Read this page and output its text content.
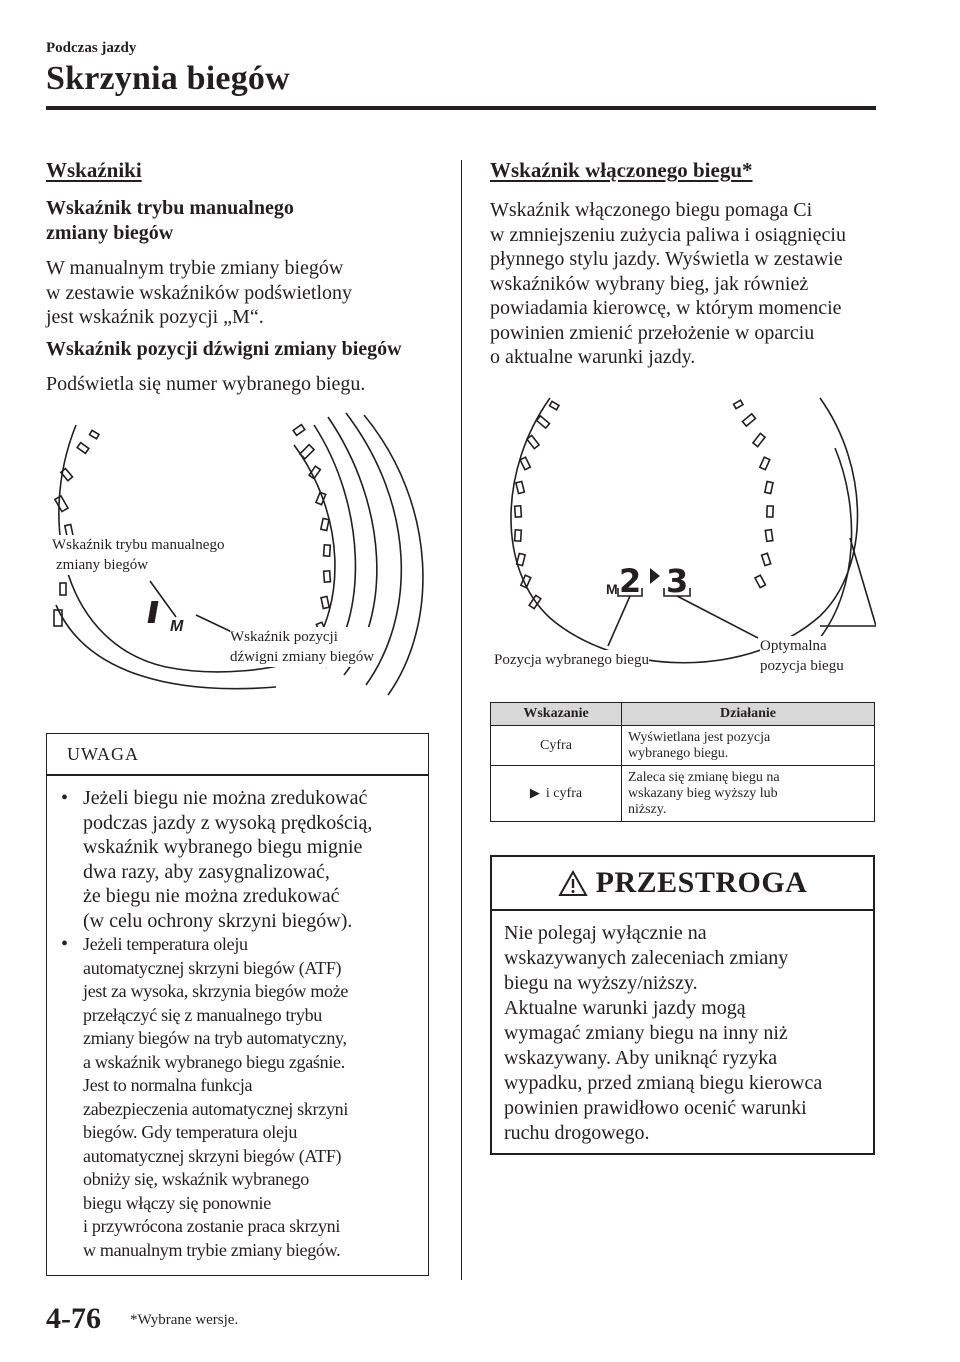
Podczas jazdy
Skrzynia biegów
Wskaźniki
Wskaźnik trybu manualnego
zmiany biegów
W manualnym trybie zmiany biegów
w zestawie wskaźników podświetlony
jest wskaźnik pozycji „M“.
Wskaźnik pozycji dźwigni zmiany biegów
Podświetla się numer wybranego biegu.
M
Wskaźnik trybu manualnego
zmiany biegów
Wskaźnik pozycji
dźwigni zmiany biegów
UWAGA
• Jeżeli biegu nie można zredukować
podczas jazdy z wysoką prędkością,
wskaźnik wybranego biegu mignie
dwa razy, aby zasygnalizować,
że biegu nie można zredukować
(w celu ochrony skrzyni biegów).
• Jeżeli temperatura oleju
automatycznej skrzyni biegów (ATF)
jest za wysoka, skrzynia biegów może
przełączyć się z manualnego trybu
zmiany biegów na tryb automatyczny,
a wskaźnik wybranego biegu zgaśnie.
Jest to normalna funkcja
zabezpieczenia automatycznej skrzyni
biegów. Gdy temperatura oleju
automatycznej skrzyni biegów (ATF)
obniży się, wskaźnik wybranego
biegu włączy się ponownie
i przywrócona zostanie praca skrzyni
w manualnym trybie zmiany biegów.
Wskaźnik włączonego biegu*
Wskaźnik włączonego biegu pomaga Ci
w zmniejszeniu zużycia paliwa i osiągnięciu
płynnego stylu jazdy. Wyświetla w zestawie
wskaźników wybrany bieg, jak również
powiadamia kierowcę, w którym momencie
powinien zmienić przełożenie w oparciu
o aktualne warunki jazdy.
M 2 3
Pozycja wybranego biegu
Optymalna
pozycja biegu
Wskazanie	Działanie
Cyfra	Wyświetlana jest pozycja
wybranego biegu.

▶ i cyfra	Zaleca się zmianę biegu na
wskazany bieg wyższy lub
niższy.
PRZESTROGA
Nie polegaj wyłącznie na
wskazywanych zaleceniach zmiany
biegu na wyższy/niższy.
Aktualne warunki jazdy mogą
wymagać zmiany biegu na inny niż
wskazywany. Aby uniknąć ryzyka
wypadku, przed zmianą biegu kierowca
powinien prawidłowo ocenić warunki
ruchu drogowego.
4-76 *Wybrane wersje.
